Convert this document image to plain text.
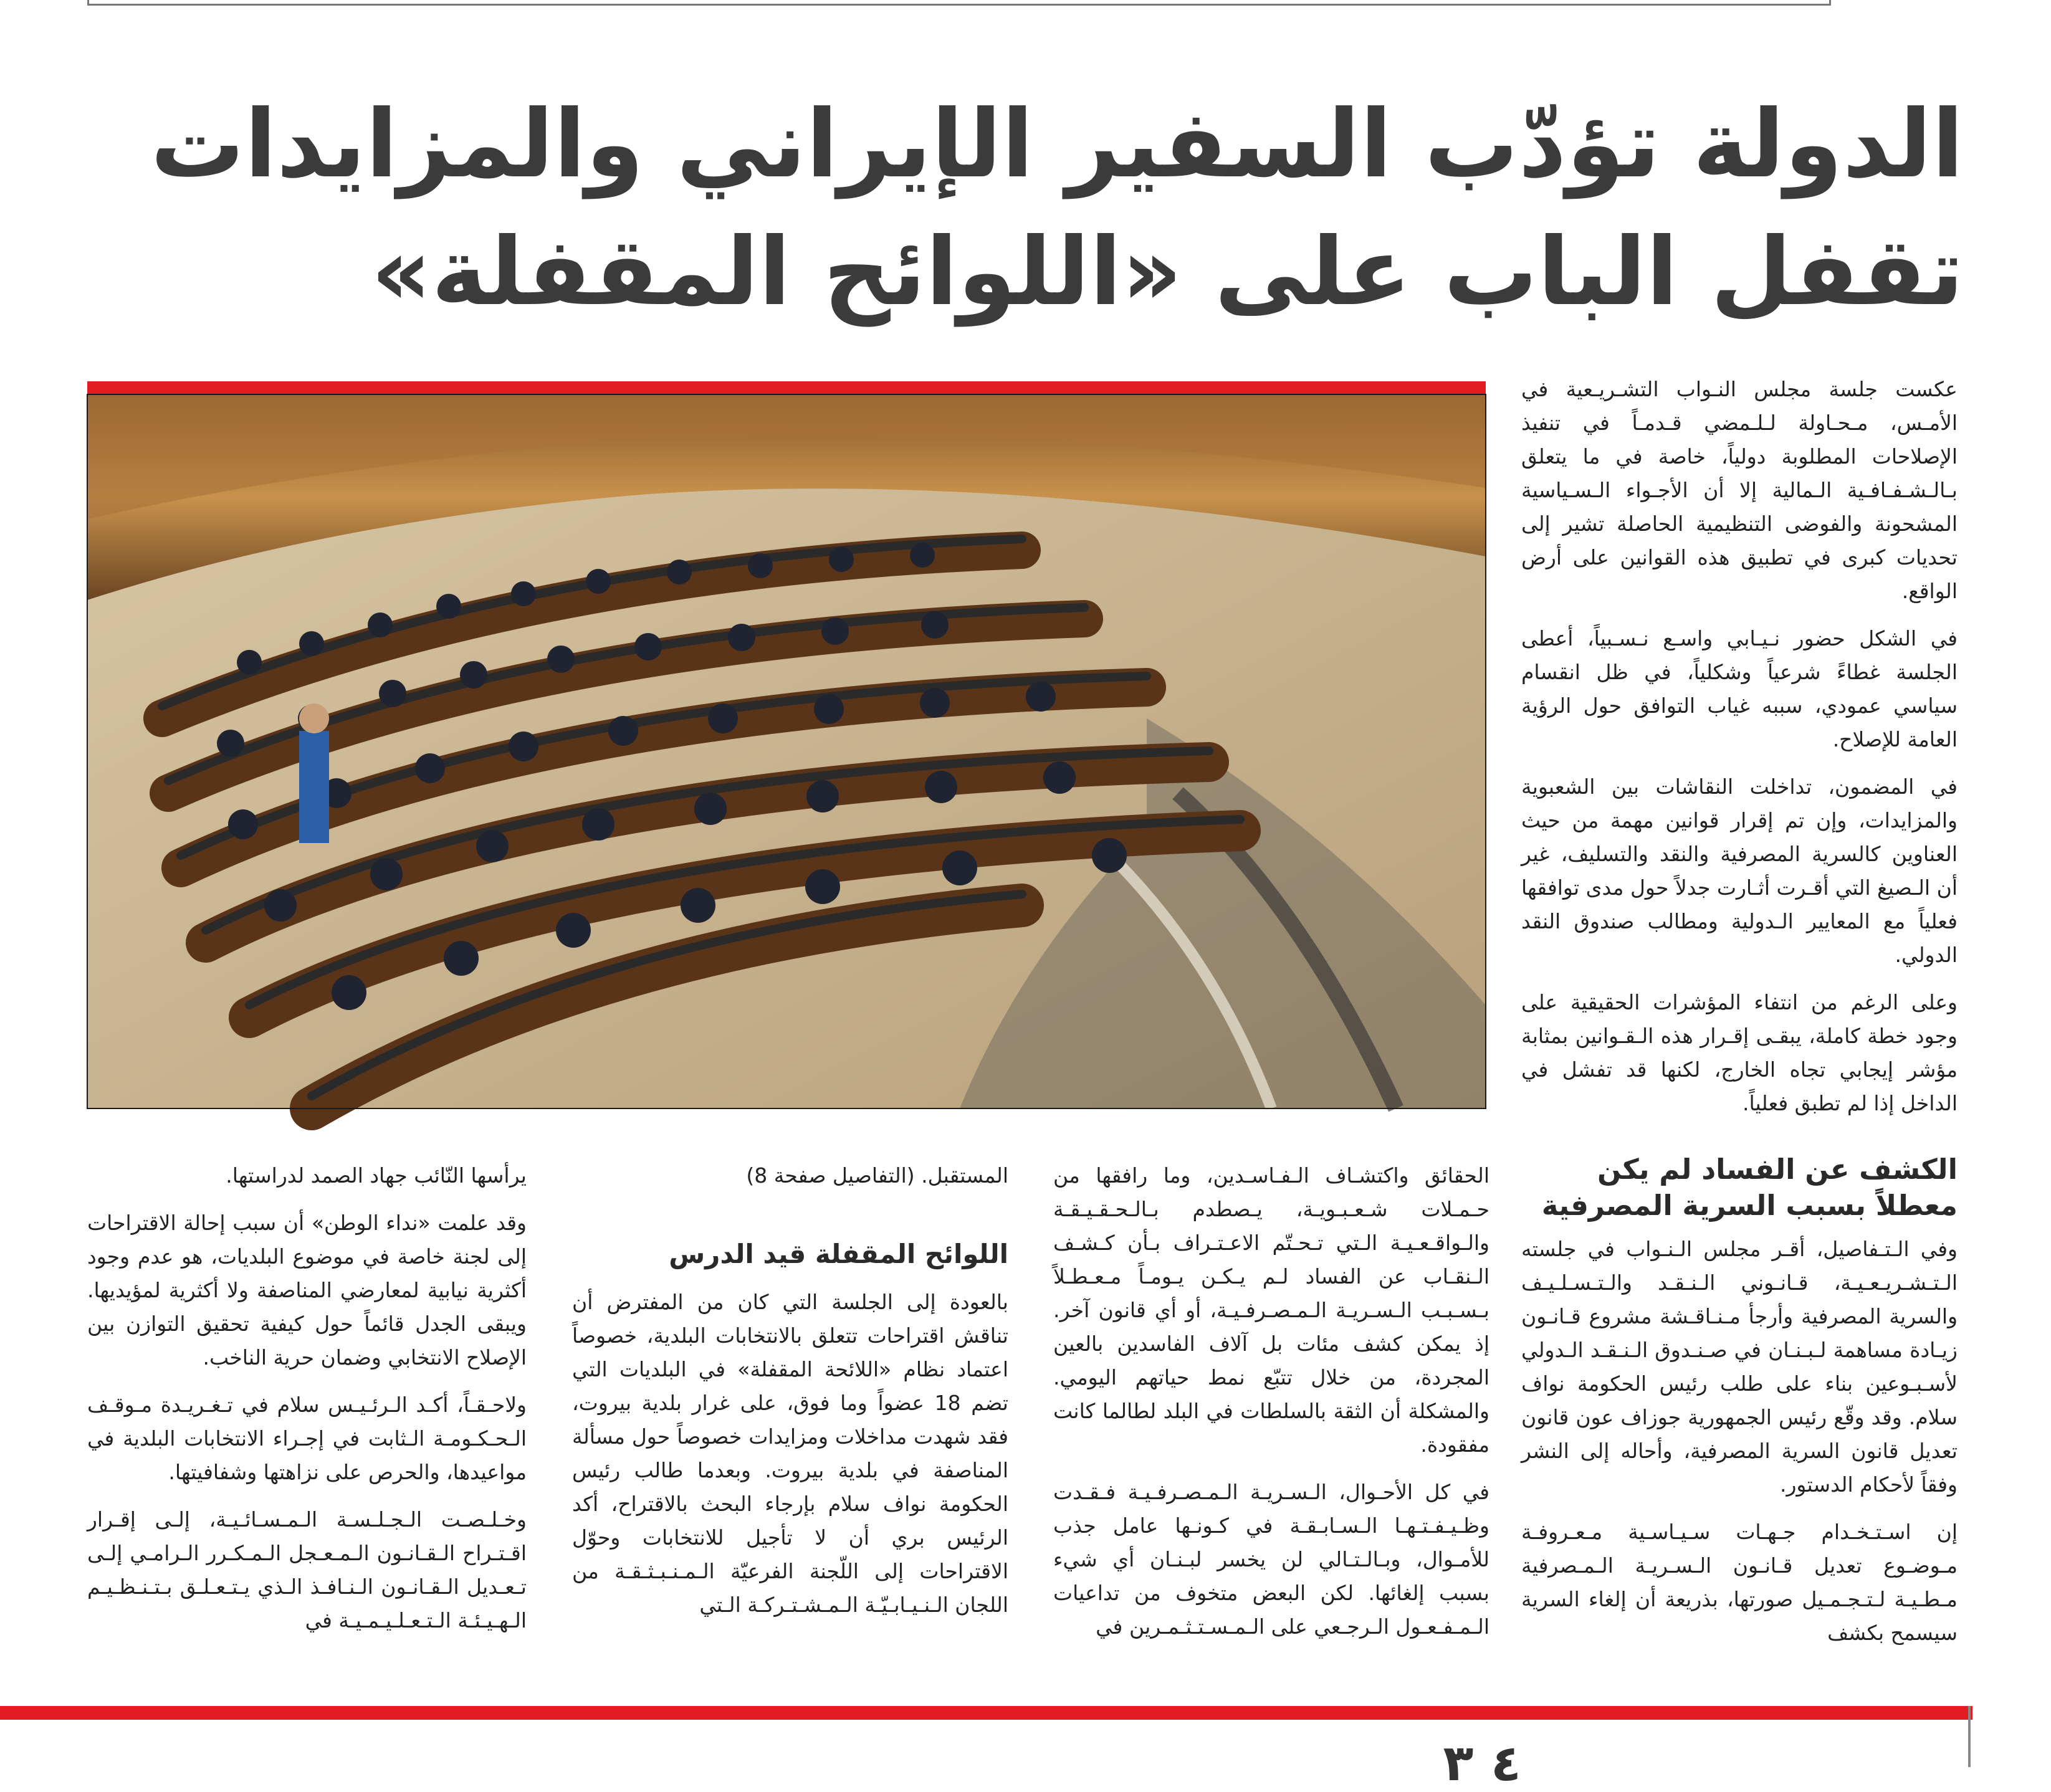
الدولة تؤدّب السفير الإيراني والمزايدات
تقفل الباب على «اللوائح المقفلة»

عكست جلسة مجلس النـواب التشـريـعية في الأمـس، مـحـاولة لـلـمضي قـدمـاً في تنفيذ الإصلاحات المطلوبة دولياً، خاصة في ما يتعلق بـالـشـفـافـية الـمالية إلا أن الأجـواء الـسـياسية المشحونة والفوضى التنظيمية الحاصلة تشير إلى تحديات كبرى في تطبيق هذه القوانين على أرض الواقع.

في الشكل حضور نـيـابي واسـع نـسـبياً، أعطى الجلسة غطاءً شرعياً وشكلياً، في ظل انقسام سياسي عمودي، سببه غياب التوافق حول الرؤية العامة للإصلاح.

في المضمون، تداخلت النقاشات بين الشعبوية والمزايدات، وإن تم إقرار قوانين مهمة من حيث العناوين كالسرية المصرفية والنقد والتسليف، غير أن الـصيغ التي أقـرت أثـارت جدلاً حول مدى توافقها فعلياً مع المعايير الـدولية ومطالب صندوق النقد الدولي.

وعلى الرغم من انتفاء المؤشرات الحقيقية على وجود خطة كاملة، يبقـى إقـرار هذه الـقـوانين بمثابة مؤشر إيجابي تجاه الخارج، لكنها قد تفشل في الداخل إذا لم تطبق فعلياً.

الكشف عن الفساد لم يكن معطلاً بسبب السرية المصرفية

وفي الـتـفاصيل، أقـر مجلس الـنـواب في جلسته الـتـشـريـعـيـة، قـانـوني الـنـقـد والـتـسـلـيـف والسرية المصرفية وأرجأ مـنـاقـشة مشروع قـانـون زيـادة مساهمة لـبـنـان في صـنـدوق الـنـقـد الـدولي لأسـبـوعين بناء على طلب رئيس الحكومة نواف سلام. وقد وقّع رئيس الجمهورية جوزاف عون قانون تعديل قانون السرية المصرفية، وأحاله إلى النشر وفقاً لأحكام الدستور.

إن اسـتـخـدام جـهـات سـيـاسـية مـعـروفـة مـوضـوع تعديل قـانـون الـسـريـة الـمـصرفية مـطـيـة لـتـجـمـيل صورتها، بذريعة أن إلغاء السرية سيسمح بكشف

الحقائق واكتشـاف الـفـاسـدين، وما رافقها من حـمـلات شـعـبـويـة، يـصطدم بـالـحـقـيـقـة والـواقـعـيـة الـتي تـحـتّم الاعـتـراف بـأن كـشـف الـنقـاب عن الفساد لـم يـكـن يـومـاً مـعـطـلاً بـسـبـب الـسـريـة الـمـصـرفـيـة، أو أي قانون آخر. إذ يمكن كشف مئات بل آلاف الفاسدين بالعين المجردة، من خلال تتبّع نمط حياتهم اليومي. والمشكلة أن الثقة بالسلطات في البلد لطالما كانت مفقودة.

في كل الأحـوال، الـسـريـة الـمـصـرفـيـة فـقـدت وظـيـفـتـهـا الـسـابـقـة في كـونـها عامل جذب للأمـوال، وبـالـتـالي لن يخسر لبـنـان أي شيء بسبب إلغائها. لكن البعض متخوف من تداعيات الـمـفـعـول الـرجـعي على الـمـسـتـثـمـرين في

المستقبل. (التفاصيل صفحة 8)

اللوائح المقفلة قيد الدرس

بالعودة إلى الجلسة التي كان من المفترض أن تناقش اقتراحات تتعلق بالانتخابات البلدية، خصوصاً اعتماد نظام «اللائحة المقفلة» في البلديات التي تضم 18 عضواً وما فوق، على غرار بلدية بيروت، فقد شهدت مداخلات ومزايدات خصوصاً حول مسألة المناصفة في بلدية بيروت. وبعدما طالب رئيس الحكومة نواف سلام بإرجاء البحث بالاقتراح، أكد الرئيس بري أن لا تأجيل للانتخابات وحوّل الاقتراحات إلى اللّجنة الفرعيّة الـمـنـبـثـقـة من اللجان الـنـيـابـيّـة الـمـشـتـركـة الـتي

يرأسها النّائب جهاد الصمد لدراستها.

وقد علمت «نداء الوطن» أن سبب إحالة الاقتراحات إلى لجنة خاصة في موضوع البلديات، هو عدم وجود أكثرية نيابية لمعارضي المناصفة ولا أكثرية لمؤيديها. ويبقى الجدل قائماً حول كيفية تحقيق التوازن بين الإصلاح الانتخابي وضمان حرية الناخب.

ولاحـقـاً، أكـد الـرئـيـس سلام في تـغـريـدة مـوقـف الـحـكـومـة الـثابت في إجـراء الانتخابات البلدية في مواعيدها، والحرص على نزاهتها وشفافيتها.

وخـلـصـت الـجـلـسـة الـمـسـائـيـة، إلـى إقـرار اقـتـراح الـقـانـون الـمـعـجل الـمـكـرر الـرامـي إلـى تـعـديل الـقـانـون الـنـافـذ الـذي يـتـعـلـق بـتـنـظـيـم الـهـيـئـة الـتـعـلـيـمـيـة في

٤ ٣
